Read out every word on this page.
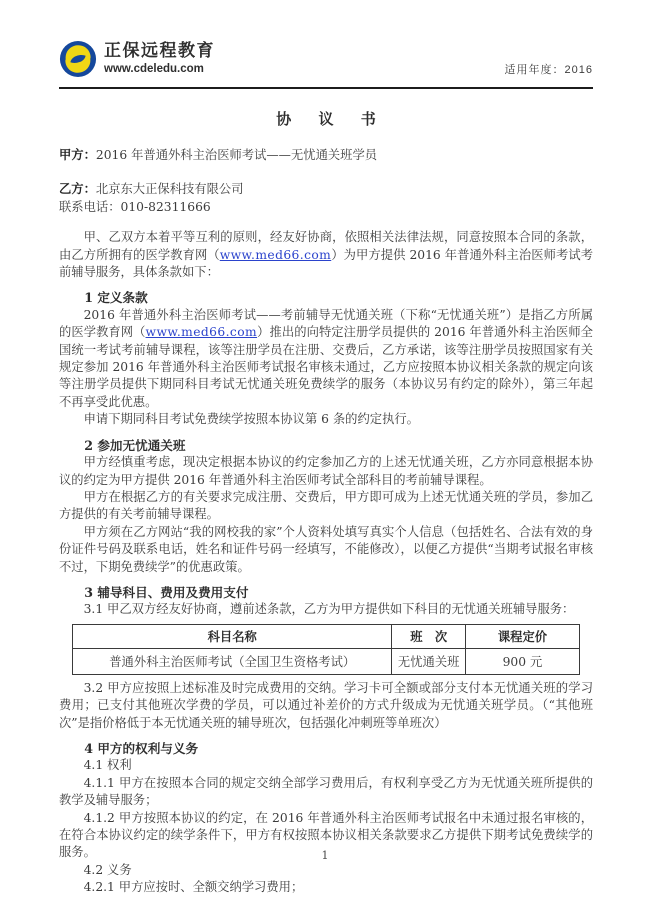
正保远程教育
www.cdeledu.com	适用年度：2016
协 议 书

甲方：2016 年普通外科主治医师考试——无忧通关班学员

乙方：北京东大正保科技有限公司

联系电话：010-82311666

甲、乙双方本着平等互利的原则，经友好协商，依照相关法律法规，同意按照本合同的条款，由乙方所拥有的医学教育网（www.med66.com）为甲方提供 2016 年普通外科主治医师考试考前辅导服务，具体条款如下：

1 定义条款

2016 年普通外科主治医师考试——考前辅导无忧通关班（下称“无忧通关班”）是指乙方所属的医学教育网（www.med66.com）推出的向特定注册学员提供的 2016 年普通外科主治医师全国统一考试考前辅导课程，该等注册学员在注册、交费后，乙方承诺，该等注册学员按照国家有关规定参加 2016 年普通外科主治医师考试报名审核未通过，乙方应按照本协议相关条款的规定向该等注册学员提供下期同科目考试无忧通关班免费续学的服务（本协议另有约定的除外），第三年起不再享受此优惠。

申请下期同科目考试免费续学按照本协议第 6 条的约定执行。

2 参加无忧通关班

甲方经慎重考虑，现决定根据本协议的约定参加乙方的上述无忧通关班，乙方亦同意根据本协议的约定为甲方提供 2016 年普通外科主治医师考试全部科目的考前辅导课程。

甲方在根据乙方的有关要求完成注册、交费后，甲方即可成为上述无忧通关班的学员，参加乙方提供的有关考前辅导课程。

甲方须在乙方网站“我的网校我的家”个人资料处填写真实个人信息（包括姓名、合法有效的身份证件号码及联系电话，姓名和证件号码一经填写，不能修改），以便乙方提供“当期考试报名审核不过，下期免费续学”的优惠政策。

3 辅导科目、费用及费用支付

3.1 甲乙双方经友好协商，遵前述条款，乙方为甲方提供如下科目的无忧通关班辅导服务：

科目名称	班　次	课程定价
普通外科主治医师考试（全国卫生资格考试）	无忧通关班	900 元

3.2 甲方应按照上述标准及时完成费用的交纳。学习卡可全额或部分支付本无忧通关班的学习费用；已支付其他班次学费的学员，可以通过补差价的方式升级成为无忧通关班学员。（“其他班次”是指价格低于本无忧通关班的辅导班次，包括强化冲刺班等单班次）

4 甲方的权利与义务

4.1 权利

4.1.1 甲方在按照本合同的规定交纳全部学习费用后，有权利享受乙方为无忧通关班所提供的教学及辅导服务；

4.1.2 甲方按照本协议的约定，在 2016 年普通外科主治医师考试报名中未通过报名审核的，在符合本协议约定的续学条件下，甲方有权按照本协议相关条款要求乙方提供下期考试免费续学的服务。

4.2 义务

4.2.1 甲方应按时、全额交纳学习费用；

1
